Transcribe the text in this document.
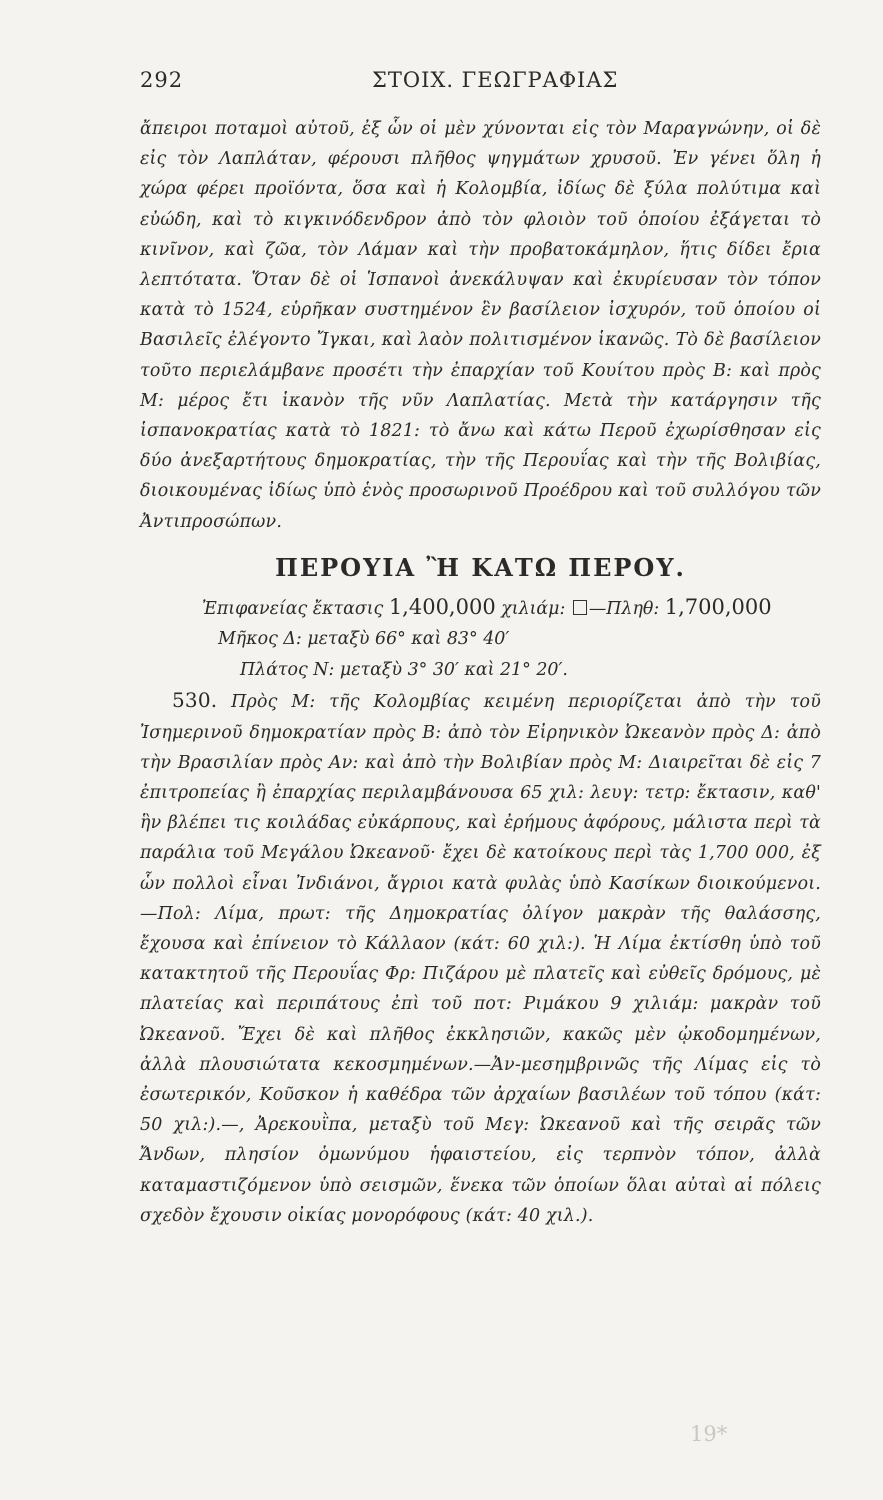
292	ΣΤΟΙΧ. ΓΕΩΓΡΑΦΙΑΣ
ἄπειροι ποταμοὶ αὐτοῦ, ἐξ ὧν οἱ μὲν χύνονται εἰς τὸν Μαραγνώνην, οἱ δὲ εἰς τὸν Λαπλάταν, φέρουσι πλῆθος ψηγμάτων χρυσοῦ. Ἐν γένει ὅλη ἡ χώρα φέρει προϊόντα, ὅσα καὶ ἡ Κολομβία, ἰδίως δὲ ξύλα πολύτιμα καὶ εὐώδη, καὶ τὸ κιγκινόδενδρον ἀπὸ τὸν φλοιὸν τοῦ ὁποίου ἐξάγεται τὸ κινῖνον, καὶ ζῶα, τὸν Λάμαν καὶ τὴν προβατοκάμηλον, ἥτις δίδει ἔρια λεπτότατα. Ὅταν δὲ οἱ Ἱσπανοὶ ἀνεκάλυψαν καὶ ἐκυρίευσαν τὸν τόπον κατὰ τὸ 1524, εὑρῆκαν συστημένον ἓν βασίλειον ἰσχυρόν, τοῦ ὁποίου οἱ Βασιλεῖς ἐλέγοντο Ἴγκαι, καὶ λαὸν πολιτισμένον ἱκανῶς. Τὸ δὲ βασίλειον τοῦτο περιελάμβανε προσέτι τὴν ἐπαρχίαν τοῦ Κουίτου πρὸς Β: καὶ πρὸς Μ: μέρος ἔτι ἱκανὸν τῆς νῦν Λαπλατίας. Μετὰ τὴν κατάργησιν τῆς ἱσπανοκρατίας κατὰ τὸ 1821: τὸ ἄνω καὶ κάτω Περοῦ ἐχωρίσθησαν εἰς δύο ἀνεξαρτήτους δημοκρατίας, τὴν τῆς Περουΐας καὶ τὴν τῆς Βολιβίας, διοικουμένας ἰδίως ὑπὸ ἑνὸς προσωρινοῦ Προέδρου καὶ τοῦ συλλόγου τῶν Ἀντιπροσώπων.
ΠΕΡΟΥΙΑ Ἢ ΚΑΤΩ ΠΕΡΟΥ.
Ἐπιφανείας ἔκτασις 1,400,000 χιλιάμ: —Πληθ: 1,700,000
Μῆκος Δ: μεταξὺ 66° καὶ 83° 40′
Πλάτος Ν: μεταξὺ 3° 30′ καὶ 21° 20′.
530. Πρὸς Μ: τῆς Κολομβίας κειμένη περιορίζεται ἀπὸ τὴν τοῦ Ἰσημερινοῦ δημοκρατίαν πρὸς Β: ἀπὸ τὸν Εἰρηνικὸν Ὠκεανὸν πρὸς Δ: ἀπὸ τὴν Βρασιλίαν πρὸς Αν: καὶ ἀπὸ τὴν Βολιβίαν πρὸς Μ: Διαιρεῖται δὲ εἰς 7 ἐπιτροπείας ἢ ἐπαρχίας περιλαμβάνουσα 65 χιλ: λευγ: τετρ: ἔκτασιν, καθ' ἣν βλέπει τις κοιλάδας εὐκάρπους, καὶ ἐρήμους ἀφόρους, μάλιστα περὶ τὰ παράλια τοῦ Μεγάλου Ὠκεανοῦ· ἔχει δὲ κατοίκους περὶ τὰς 1,700 000, ἐξ ὧν πολλοὶ εἶναι Ἰνδιάνοι, ἄγριοι κατὰ φυλὰς ὑπὸ Κασίκων διοικούμενοι.—Πολ: Λίμα, πρωτ: τῆς Δημοκρατίας ὀλίγον μακρὰν τῆς θαλάσσης, ἔχουσα καὶ ἐπίνειον τὸ Κάλλαον (κάτ: 60 χιλ:). Ἡ Λίμα ἐκτίσθη ὑπὸ τοῦ κατακτητοῦ τῆς Περουΐας Φρ: Πιζάρου μὲ πλατεῖς καὶ εὐθεῖς δρόμους, μὲ πλατείας καὶ περιπάτους ἐπὶ τοῦ ποτ: Ριμάκου 9 χιλιάμ: μακρὰν τοῦ Ὠκεανοῦ. Ἔχει δὲ καὶ πλῆθος ἐκκλησιῶν, κακῶς μὲν ᾠκοδομημένων, ἀλλὰ πλουσιώτατα κεκοσμημένων.—Ἀν-μεσημβρινῶς τῆς Λίμας εἰς τὸ ἐσωτερικόν, Κοῦσκον ἡ καθέδρα τῶν ἀρχαίων βασιλέων τοῦ τόπου (κάτ: 50 χιλ:).—, Ἀρεκουῒπα, μεταξὺ τοῦ Μεγ: Ὠκεανοῦ καὶ τῆς σειρᾶς τῶν Ἄνδων, πλησίον ὁμωνύμου ἡφαιστείου, εἰς τερπνὸν τόπον, ἀλλὰ καταμαστιζόμενον ὑπὸ σεισμῶν, ἕνεκα τῶν ὁποίων ὅλαι αὐταὶ αἱ πόλεις σχεδὸν ἔχουσιν οἰκίας μονορόφους (κάτ: 40 χιλ.).
19*
